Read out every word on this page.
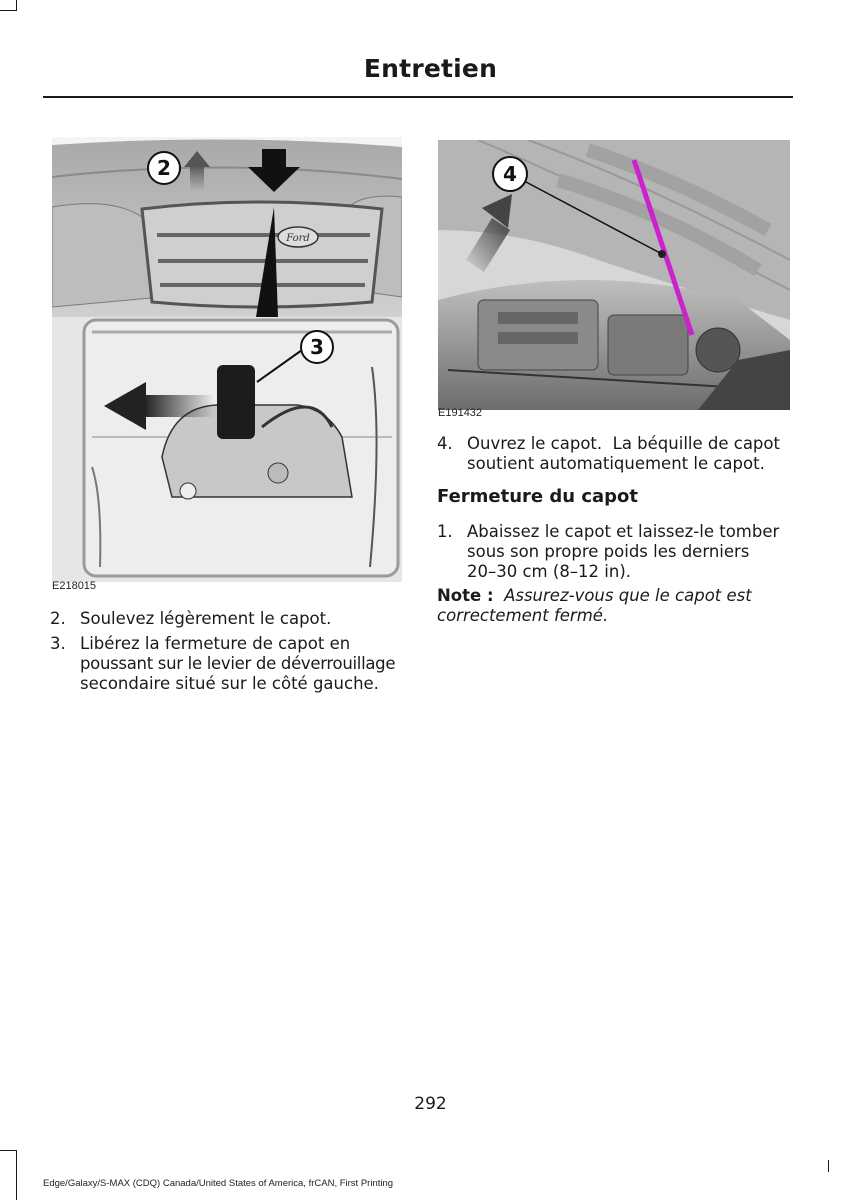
Entretien
Ford
2
3
E218015
4
E191432
2. Soulevez légèrement le capot.
3. Libérez la fermeture de capot en
poussant sur le levier de déverrouillage
secondaire situé sur le côté gauche.
4. Ouvrez le capot.  La béquille de capot
soutient automatiquement le capot.
Fermeture du capot
1. Abaissez le capot et laissez-le tomber
sous son propre poids les derniers
20–30 cm (8–12 in).
Note : Assurez-vous que le capot est
correctement fermé.
292
Edge/Galaxy/S-MAX (CDQ) Canada/United States of America, frCAN, First Printing
